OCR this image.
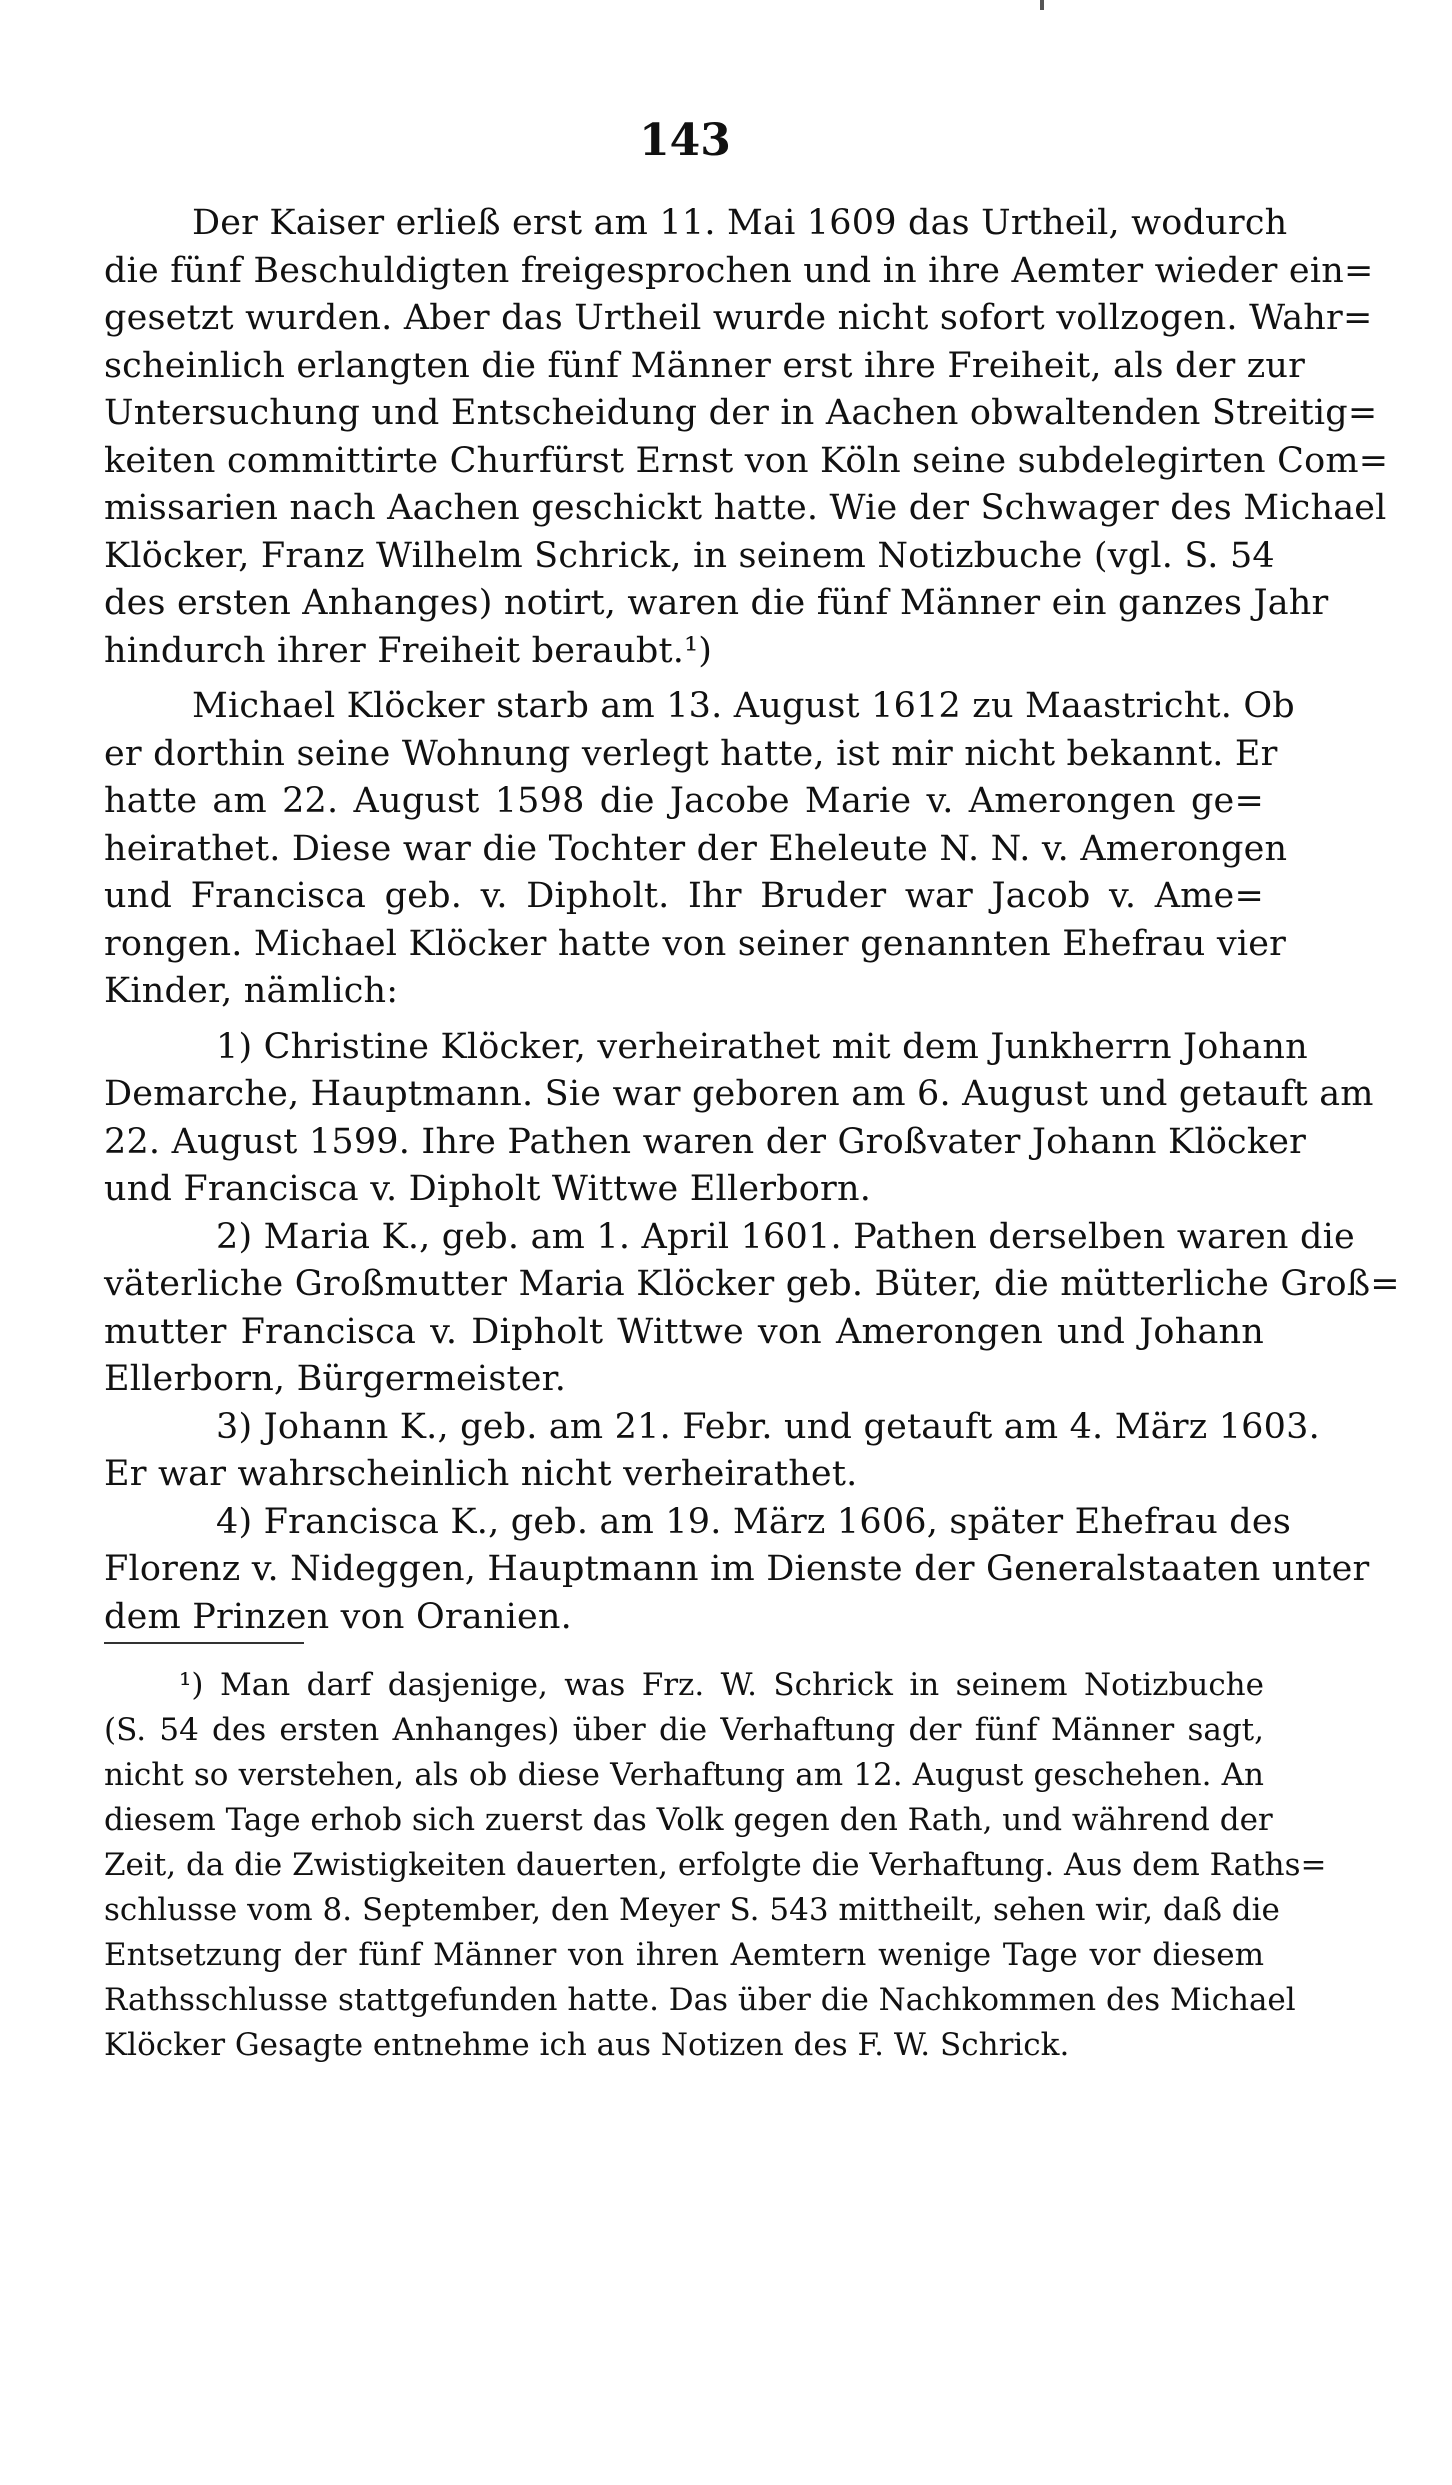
143
Der Kaiser erließ erst am 11. Mai 1609 das Urtheil, wodurch
die fünf Beschuldigten freigesprochen und in ihre Aemter wieder ein=
gesetzt wurden. Aber das Urtheil wurde nicht sofort vollzogen. Wahr=
scheinlich erlangten die fünf Männer erst ihre Freiheit, als der zur
Untersuchung und Entscheidung der in Aachen obwaltenden Streitig=
keiten committirte Churfürst Ernst von Köln seine subdelegirten Com=
missarien nach Aachen geschickt hatte. Wie der Schwager des Michael
Klöcker, Franz Wilhelm Schrick, in seinem Notizbuche (vgl. S. 54
des ersten Anhanges) notirt, waren die fünf Männer ein ganzes Jahr
hindurch ihrer Freiheit beraubt.¹)
Michael Klöcker starb am 13. August 1612 zu Maastricht. Ob
er dorthin seine Wohnung verlegt hatte, ist mir nicht bekannt. Er
hatte am 22. August 1598 die Jacobe Marie v. Amerongen ge=
heirathet. Diese war die Tochter der Eheleute N. N. v. Amerongen
und Francisca geb. v. Dipholt. Ihr Bruder war Jacob v. Ame=
rongen. Michael Klöcker hatte von seiner genannten Ehefrau vier
Kinder, nämlich:
1) Christine Klöcker, verheirathet mit dem Junkherrn Johann
Demarche, Hauptmann. Sie war geboren am 6. August und getauft am
22. August 1599. Ihre Pathen waren der Großvater Johann Klöcker
und Francisca v. Dipholt Wittwe Ellerborn.
2) Maria K., geb. am 1. April 1601. Pathen derselben waren die
väterliche Großmutter Maria Klöcker geb. Büter, die mütterliche Groß=
mutter Francisca v. Dipholt Wittwe von Amerongen und Johann
Ellerborn, Bürgermeister.
3) Johann K., geb. am 21. Febr. und getauft am 4. März 1603.
Er war wahrscheinlich nicht verheirathet.
4) Francisca K., geb. am 19. März 1606, später Ehefrau des
Florenz v. Nideggen, Hauptmann im Dienste der Generalstaaten unter
dem Prinzen von Oranien.
¹) Man darf dasjenige, was Frz. W. Schrick in seinem Notizbuche
(S. 54 des ersten Anhanges) über die Verhaftung der fünf Männer sagt,
nicht so verstehen, als ob diese Verhaftung am 12. August geschehen. An
diesem Tage erhob sich zuerst das Volk gegen den Rath, und während der
Zeit, da die Zwistigkeiten dauerten, erfolgte die Verhaftung. Aus dem Raths=
schlusse vom 8. September, den Meyer S. 543 mittheilt, sehen wir, daß die
Entsetzung der fünf Männer von ihren Aemtern wenige Tage vor diesem
Rathsschlusse stattgefunden hatte. Das über die Nachkommen des Michael
Klöcker Gesagte entnehme ich aus Notizen des F. W. Schrick.
